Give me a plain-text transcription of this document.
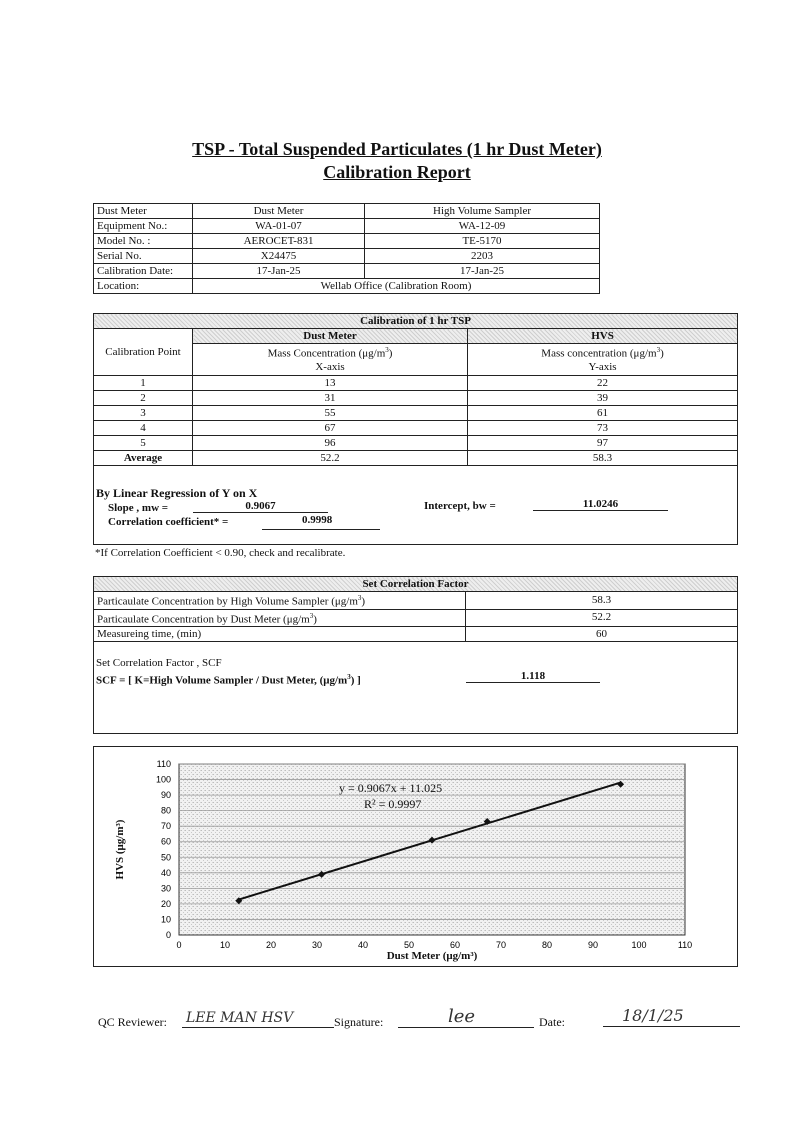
TSP - Total Suspended Particulates (1 hr Dust Meter)
Calibration Report
Dust Meter	Dust Meter	High Volume Sampler
Equipment No.:	WA-01-07	WA-12-09
Model No. :	AEROCET-831	TE-5170
Serial No.	X24475	2203
Calibration Date:	17-Jan-25	17-Jan-25
Location:	Wellab Office (Calibration Room)	
Calibration of 1 hr TSP		
Calibration Point	Dust Meter	HVS
	Mass Concentration $(\mu g/m^3)$	Mass concentration $(\mu g/m^3)$
	X-axis	Y-axis
1	13	22
2	31	39
3	55	61
4	67	73
5	96	97
Average	52.2	58.3
By Linear Regression of Y on X
Slope , mw =	0.9067	Intercept, bw =	11.0246
Correlation coefficient* =	0.9998
*If Correlation Coefficient < 0.90, check and recalibrate.
Set Correlation Factor	
Particaulate Concentration by High Volume Sampler $(\mu g/m^3)$	58.3
Particaulate Concentration by Dust Meter $(\mu g/m^3)$	52.2
Measureing time, (min)	60
Set Correlation Factor , SCF
SCF = [ K=High Volume Sampler / Dust Meter, $(\mu g/m^3)$ ]	1.118
0	10	20	30	40	50	60	70	80	90	100	110
0
10
20
30
40
50
60
70
80
90
100
110
y = 0.9067x + 11.025
R² = 0.9997
Dust Meter (μg/m³)
HVS (μg/m³)
QC Reviewer: LEE MAN HSV	Signature:	lee	Date:	18/1/25
